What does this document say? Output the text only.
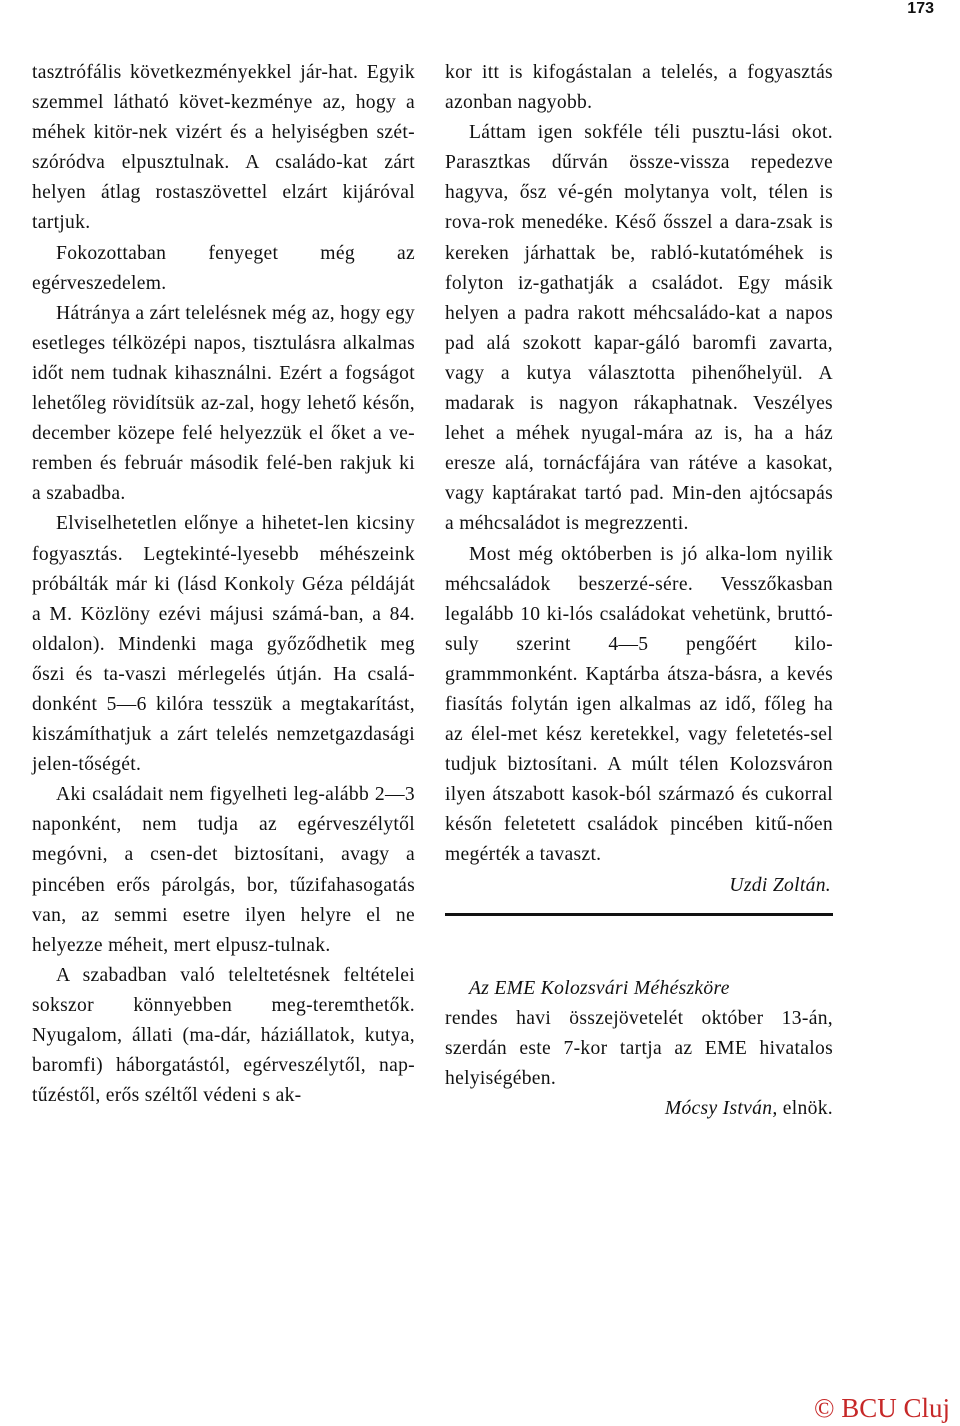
173

tasztrófális következményekkel jár-hat. Egyik szemmel látható követ-kezménye az, hogy a méhek kitör-nek vizért és a helyiségben szét-szóródva elpusztulnak. A családo-kat zárt helyen átlag rostaszövettel elzárt kijáróval tartjuk.

Fokozottaban fenyeget még az egérveszedelem.

Hátránya a zárt telelésnek még az, hogy egy esetleges télközépi napos, tisztulásra alkalmas időt nem tudnak kihasználni. Ezért a fogságot lehetőleg rövidítsük az-zal, hogy lehető későn, december közepe felé helyezzük el őket a ve-remben és február második felé-ben rakjuk ki a szabadba.

Elviselhetetlen előnye a hihetet-len kicsiny fogyasztás. Legtekinté-lyesebb méhészeink próbálták már ki (lásd Konkoly Géza példáját a M. Közlöny ezévi májusi számá-ban, a 84. oldalon). Mindenki maga győződhetik meg őszi és ta-vaszi mérlegelés útján. Ha csalá-donként 5—6 kilóra tesszük a megtakarítást, kiszámíthatjuk a zárt telelés nemzetgazdasági jelen-tőségét.

Aki családait nem figyelheti leg-alább 2—3 naponként, nem tudja az egérveszélytől megóvni, a csen-det biztosítani, avagy a pincében erős párolgás, bor, tűzifahasogatás van, az semmi esetre ilyen helyre el ne helyezze méheit, mert elpusz-tulnak.

A szabadban való teleltetésnek feltételei sokszor könnyebben meg-teremthetők. Nyugalom, állati (ma-dár, háziállatok, kutya, baromfi) háborgatástól, egérveszélytől, nap-tűzéstől, erős széltől védeni s ak-

kor itt is kifogástalan a telelés, a fogyasztás azonban nagyobb.

Láttam igen sokféle téli pusztu-lási okot. Parasztkas dűrván össze-vissza repedezve hagyva, ősz vé-gén molytanya volt, télen is rova-rok menedéke. Késő ősszel a dara-zsak is kereken járhattak be, rabló-kutatóméhek is folyton iz-gathatják a családot. Egy másik helyen a padra rakott méhcsaládo-kat a napos pad alá szokott kapar-gáló baromfi zavarta, vagy a kutya választotta pihenőhelyül. A madarak is nagyon rákaphatnak. Veszélyes lehet a méhek nyugal-mára az is, ha a ház eresze alá, tornácfájára van rátéve a kasokat, vagy kaptárakat tartó pad. Min-den ajtócsapás a méhcsaládot is megrezzenti.

Most még októberben is jó alka-lom nyilik méhcsaládok beszerzé-sére. Vesszőkasban legalább 10 ki-lós családokat vehetünk, bruttó-suly szerint 4—5 pengőért kilo-grammmonként. Kaptárba átsza-básra, a kevés fiasítás folytán igen alkalmas az idő, főleg ha az élel-met kész keretekkel, vagy feletetés-sel tudjuk biztosítani. A múlt télen Kolozsváron ilyen átszabott kasok-ból származó és cukorral későn feletetett családok pincében kitű-nően megérték a tavaszt.

Uzdi Zoltán.

Az EME Kolozsvári Méhészköre

rendes havi összejövetelét október 13-án, szerdán este 7-kor tartja az EME hivatalos helyiségében.

Mócsy István, elnök.

© BCU Cluj
